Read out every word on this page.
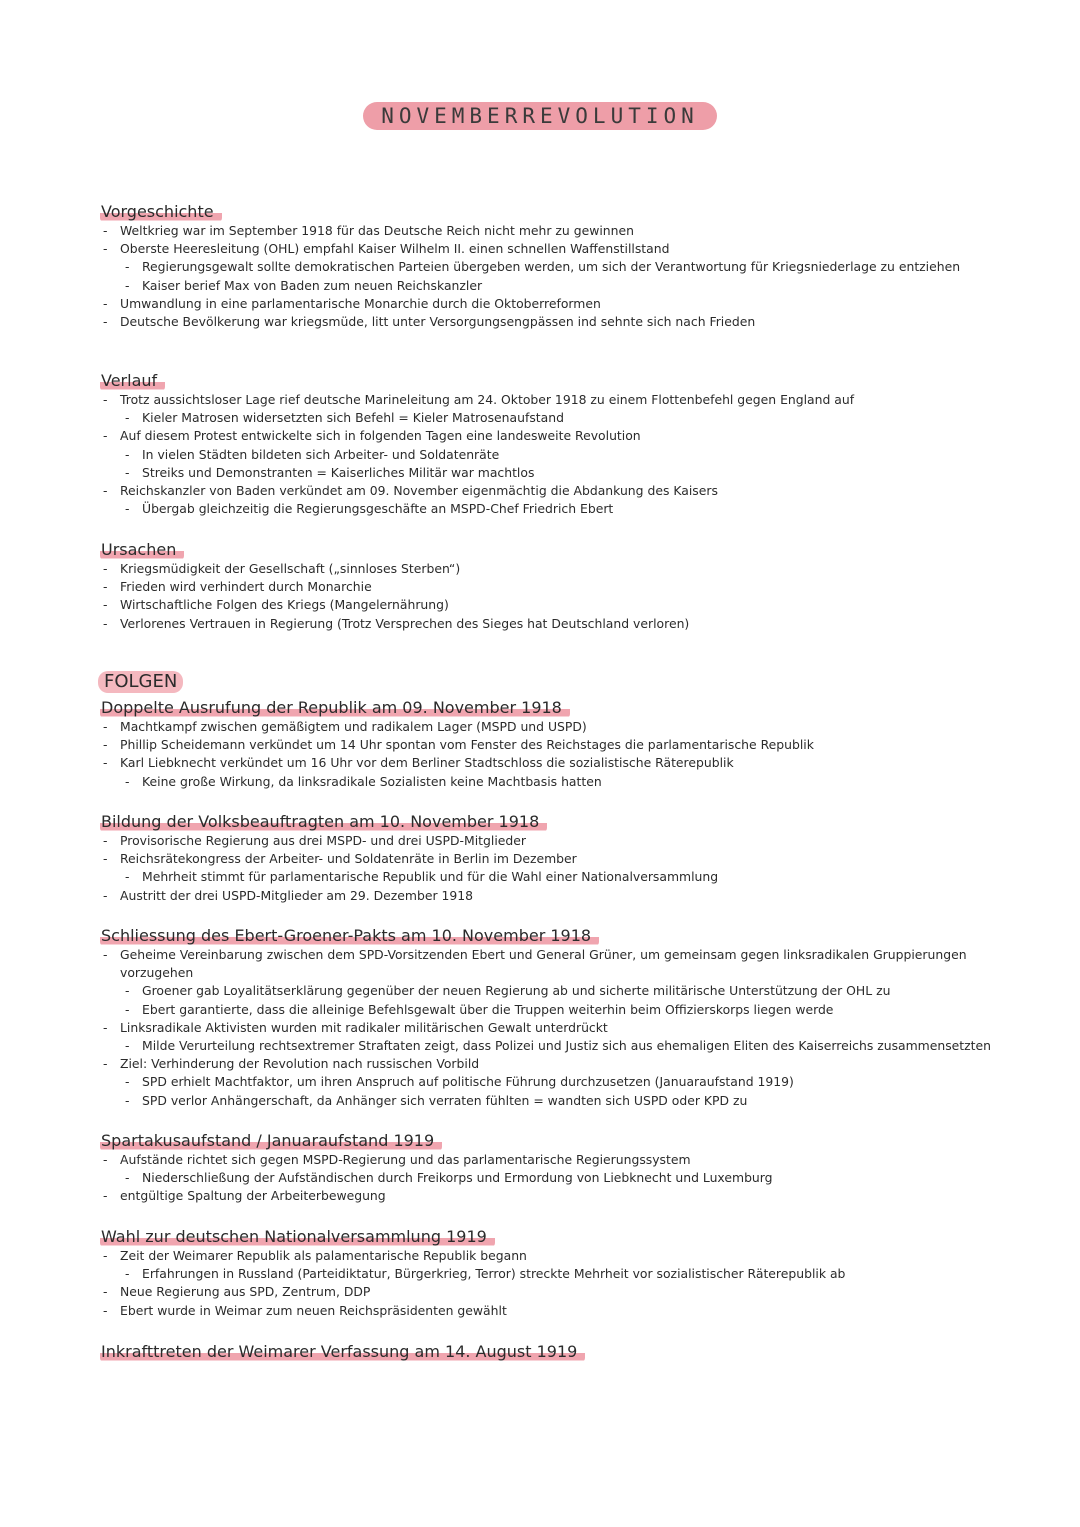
NOVEMBERREVOLUTION
Vorgeschichte
- Weltkrieg war im September 1918 für das Deutsche Reich nicht mehr zu gewinnen
- Oberste Heeresleitung (OHL) empfahl Kaiser Wilhelm II. einen schnellen Waffenstillstand
- Regierungsgewalt sollte demokratischen Parteien übergeben werden, um sich der Verantwortung für Kriegsniederlage zu entziehen
- Kaiser berief Max von Baden zum neuen Reichskanzler
- Umwandlung in eine parlamentarische Monarchie durch die Oktoberreformen
- Deutsche Bevölkerung war kriegsmüde, litt unter Versorgungsengpässen ind sehnte sich nach Frieden
Verlauf
- Trotz aussichtsloser Lage rief deutsche Marineleitung am 24. Oktober 1918 zu einem Flottenbefehl gegen England auf
- Kieler Matrosen widersetzten sich Befehl = Kieler Matrosenaufstand
- Auf diesem Protest entwickelte sich in folgenden Tagen eine landesweite Revolution
- In vielen Städten bildeten sich Arbeiter- und Soldatenräte
- Streiks und Demonstranten = Kaiserliches Militär war machtlos
- Reichskanzler von Baden verkündet am 09. November eigenmächtig die Abdankung des Kaisers
- Übergab gleichzeitig die Regierungsgeschäfte an MSPD-Chef Friedrich Ebert
Ursachen
- Kriegsmüdigkeit der Gesellschaft („sinnloses Sterben“)
- Frieden wird verhindert durch Monarchie
- Wirtschaftliche Folgen des Kriegs (Mangelernährung)
- Verlorenes Vertrauen in Regierung (Trotz Versprechen des Sieges hat Deutschland verloren)
FOLGEN
Doppelte Ausrufung der Republik am 09. November 1918
- Machtkampf zwischen gemäßigtem und radikalem Lager (MSPD und USPD)
- Phillip Scheidemann verkündet um 14 Uhr spontan vom Fenster des Reichstages die parlamentarische Republik
- Karl Liebknecht verkündet um 16 Uhr vor dem Berliner Stadtschloss die sozialistische Räterepublik
- Keine große Wirkung, da linksradikale Sozialisten keine Machtbasis hatten
Bildung der Volksbeauftragten am 10. November 1918
- Provisorische Regierung aus drei MSPD- und drei USPD-Mitglieder
- Reichsrätekongress der Arbeiter- und Soldatenräte in Berlin im Dezember
- Mehrheit stimmt für parlamentarische Republik und für die Wahl einer Nationalversammlung
- Austritt der drei USPD-Mitglieder am 29. Dezember 1918
Schliessung des Ebert-Groener-Pakts am 10. November 1918
- Geheime Vereinbarung zwischen dem SPD-Vorsitzenden Ebert und General Grüner, um gemeinsam gegen linksradikalen Gruppierungen
vorzugehen
- Groener gab Loyalitätserklärung gegenüber der neuen Regierung ab und sicherte militärische Unterstützung der OHL zu
- Ebert garantierte, dass die alleinige Befehlsgewalt über die Truppen weiterhin beim Offizierskorps liegen werde
- Linksradikale Aktivisten wurden mit radikaler militärischen Gewalt unterdrückt
- Milde Verurteilung rechtsextremer Straftaten zeigt, dass Polizei und Justiz sich aus ehemaligen Eliten des Kaiserreichs zusammensetzten
- Ziel: Verhinderung der Revolution nach russischen Vorbild
- SPD erhielt Machtfaktor, um ihren Anspruch auf politische Führung durchzusetzen (Januaraufstand 1919)
- SPD verlor Anhängerschaft, da Anhänger sich verraten fühlten = wandten sich USPD oder KPD zu
Spartakusaufstand / Januaraufstand 1919
- Aufstände richtet sich gegen MSPD-Regierung und das parlamentarische Regierungssystem
- Niederschließung der Aufständischen durch Freikorps und Ermordung von Liebknecht und Luxemburg
- entgültige Spaltung der Arbeiterbewegung
Wahl zur deutschen Nationalversammlung 1919
- Zeit der Weimarer Republik als palamentarische Republik begann
- Erfahrungen in Russland (Parteidiktatur, Bürgerkrieg, Terror) streckte Mehrheit vor sozialistischer Räterepublik ab
- Neue Regierung aus SPD, Zentrum, DDP
- Ebert wurde in Weimar zum neuen Reichspräsidenten gewählt
Inkrafttreten der Weimarer Verfassung am 14. August 1919
